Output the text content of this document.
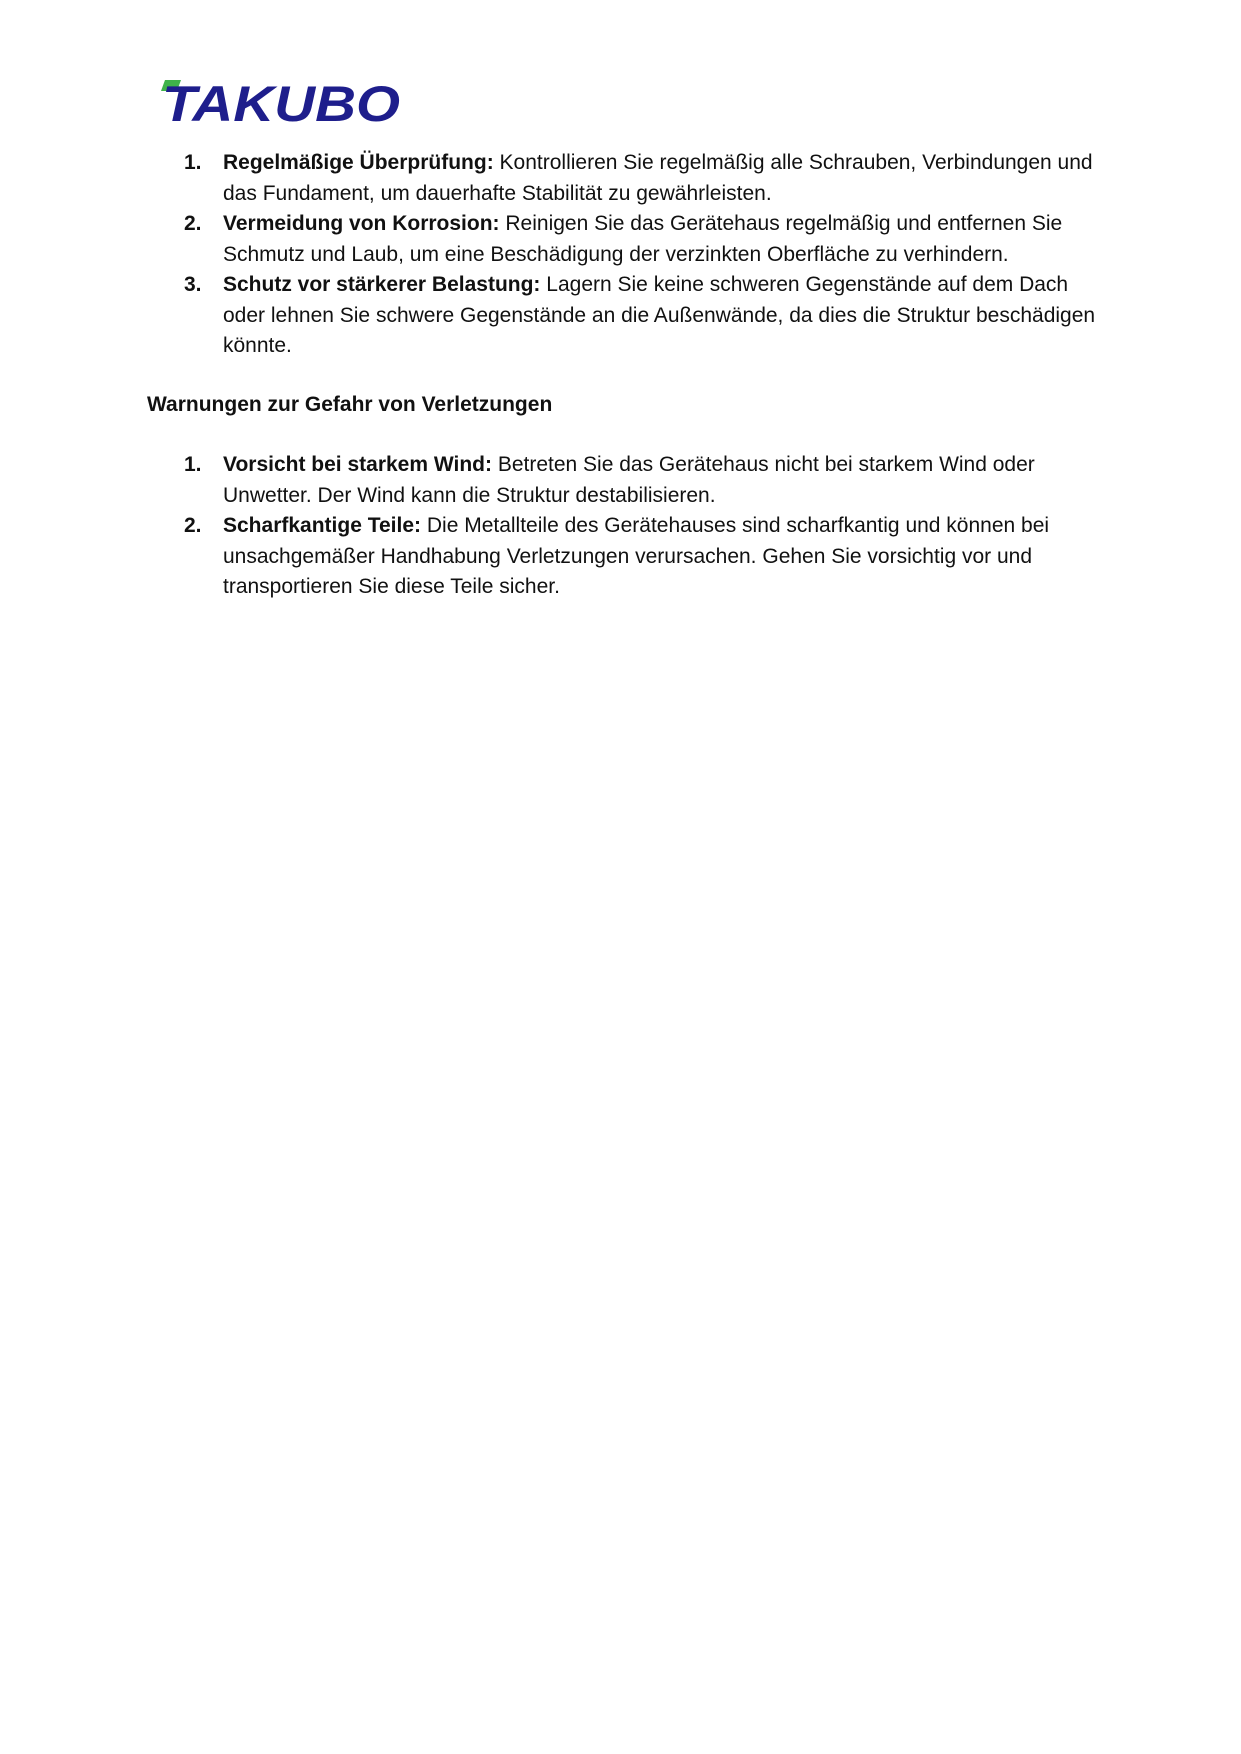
TAKUBO
1. Regelmäßige Überprüfung: Kontrollieren Sie regelmäßig alle Schrauben, Verbindungen und das Fundament, um dauerhafte Stabilität zu gewährleisten.
2. Vermeidung von Korrosion: Reinigen Sie das Gerätehaus regelmäßig und entfernen Sie Schmutz und Laub, um eine Beschädigung der verzinkten Oberfläche zu verhindern.
3. Schutz vor stärkerer Belastung: Lagern Sie keine schweren Gegenstände auf dem Dach oder lehnen Sie schwere Gegenstände an die Außenwände, da dies die Struktur beschädigen könnte.
Warnungen zur Gefahr von Verletzungen
1. Vorsicht bei starkem Wind: Betreten Sie das Gerätehaus nicht bei starkem Wind oder Unwetter. Der Wind kann die Struktur destabilisieren.
2. Scharfkantige Teile: Die Metallteile des Gerätehauses sind scharfkantig und können bei unsachgemäßer Handhabung Verletzungen verursachen. Gehen Sie vorsichtig vor und transportieren Sie diese Teile sicher.
